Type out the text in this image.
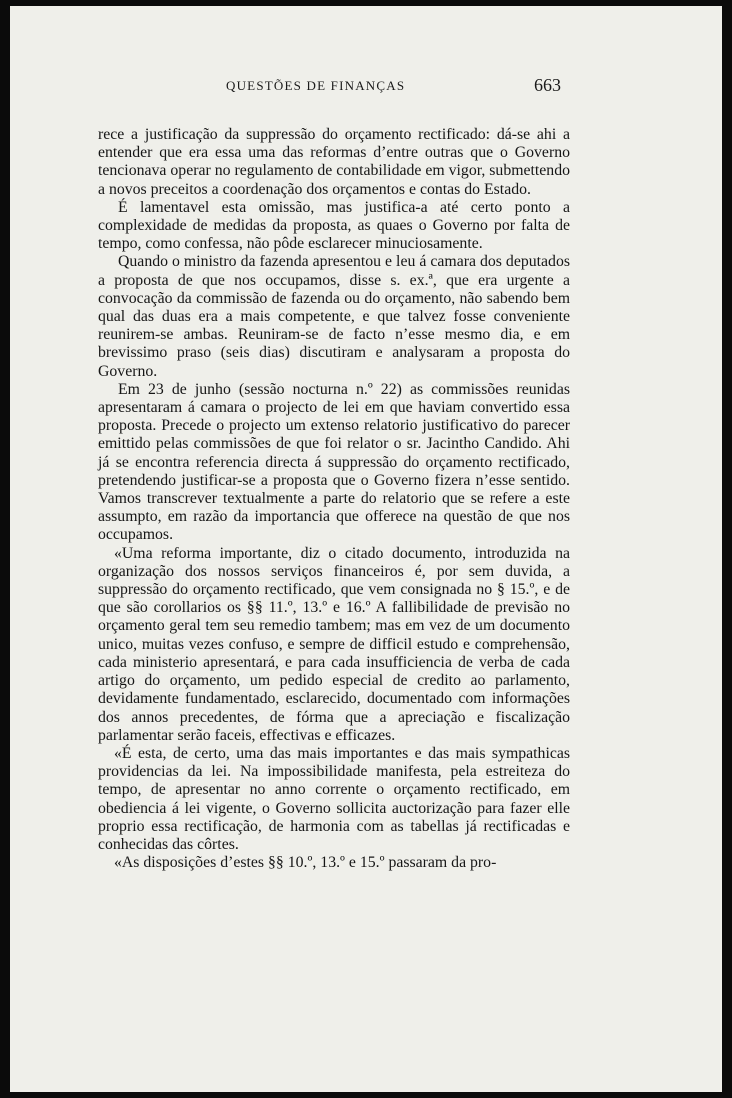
QUESTÕES DE FINANÇAS	663

rece a justificação da suppressão do orçamento rectificado: dá-se ahi a entender que era essa uma das reformas d’entre outras que o Governo tencionava operar no regulamento de contabilidade em vigor, submettendo a novos preceitos a coordenação dos orçamentos e contas do Estado.

É lamentavel esta omissão, mas justifica-a até certo ponto a complexidade de medidas da proposta, as quaes o Governo por falta de tempo, como confessa, não pôde esclarecer minuciosamente.

Quando o ministro da fazenda apresentou e leu á camara dos deputados a proposta de que nos occupamos, disse s. ex.ª, que era urgente a convocação da commissão de fazenda ou do orçamento, não sabendo bem qual das duas era a mais competente, e que talvez fosse conveniente reunirem-se ambas. Reuniram-se de facto n’esse mesmo dia, e em brevissimo praso (seis dias) discutiram e analysaram a proposta do Governo.

Em 23 de junho (sessão nocturna n.º 22) as commissões reunidas apresentaram á camara o projecto de lei em que haviam convertido essa proposta. Precede o projecto um extenso relatorio justificativo do parecer emittido pelas commissões de que foi relator o sr. Jacintho Candido. Ahi já se encontra referencia directa á suppressão do orçamento rectificado, pretendendo justificar-se a proposta que o Governo fizera n’esse sentido. Vamos transcrever textualmente a parte do relatorio que se refere a este assumpto, em razão da importancia que offerece na questão de que nos occupamos.

«Uma reforma importante, diz o citado documento, introduzida na organização dos nossos serviços financeiros é, por sem duvida, a suppressão do orçamento rectificado, que vem consignada no § 15.º, e de que são corollarios os §§ 11.º, 13.º e 16.º A fallibilidade de previsão no orçamento geral tem seu remedio tambem; mas em vez de um documento unico, muitas vezes confuso, e sempre de difficil estudo e comprehensão, cada ministerio apresentará, e para cada insufficiencia de verba de cada artigo do orçamento, um pedido especial de credito ao parlamento, devidamente fundamentado, esclarecido, documentado com informações dos annos precedentes, de fórma que a apreciação e fiscalização parlamentar serão faceis, effectivas e efficazes.

«É esta, de certo, uma das mais importantes e das mais sympathicas providencias da lei. Na impossibilidade manifesta, pela estreiteza do tempo, de apresentar no anno corrente o orçamento rectificado, em obediencia á lei vigente, o Governo sollicita auctorização para fazer elle proprio essa rectificação, de harmonia com as tabellas já rectificadas e conhecidas das côrtes.

«As disposições d’estes §§ 10.º, 13.º e 15.º passaram da pro-
